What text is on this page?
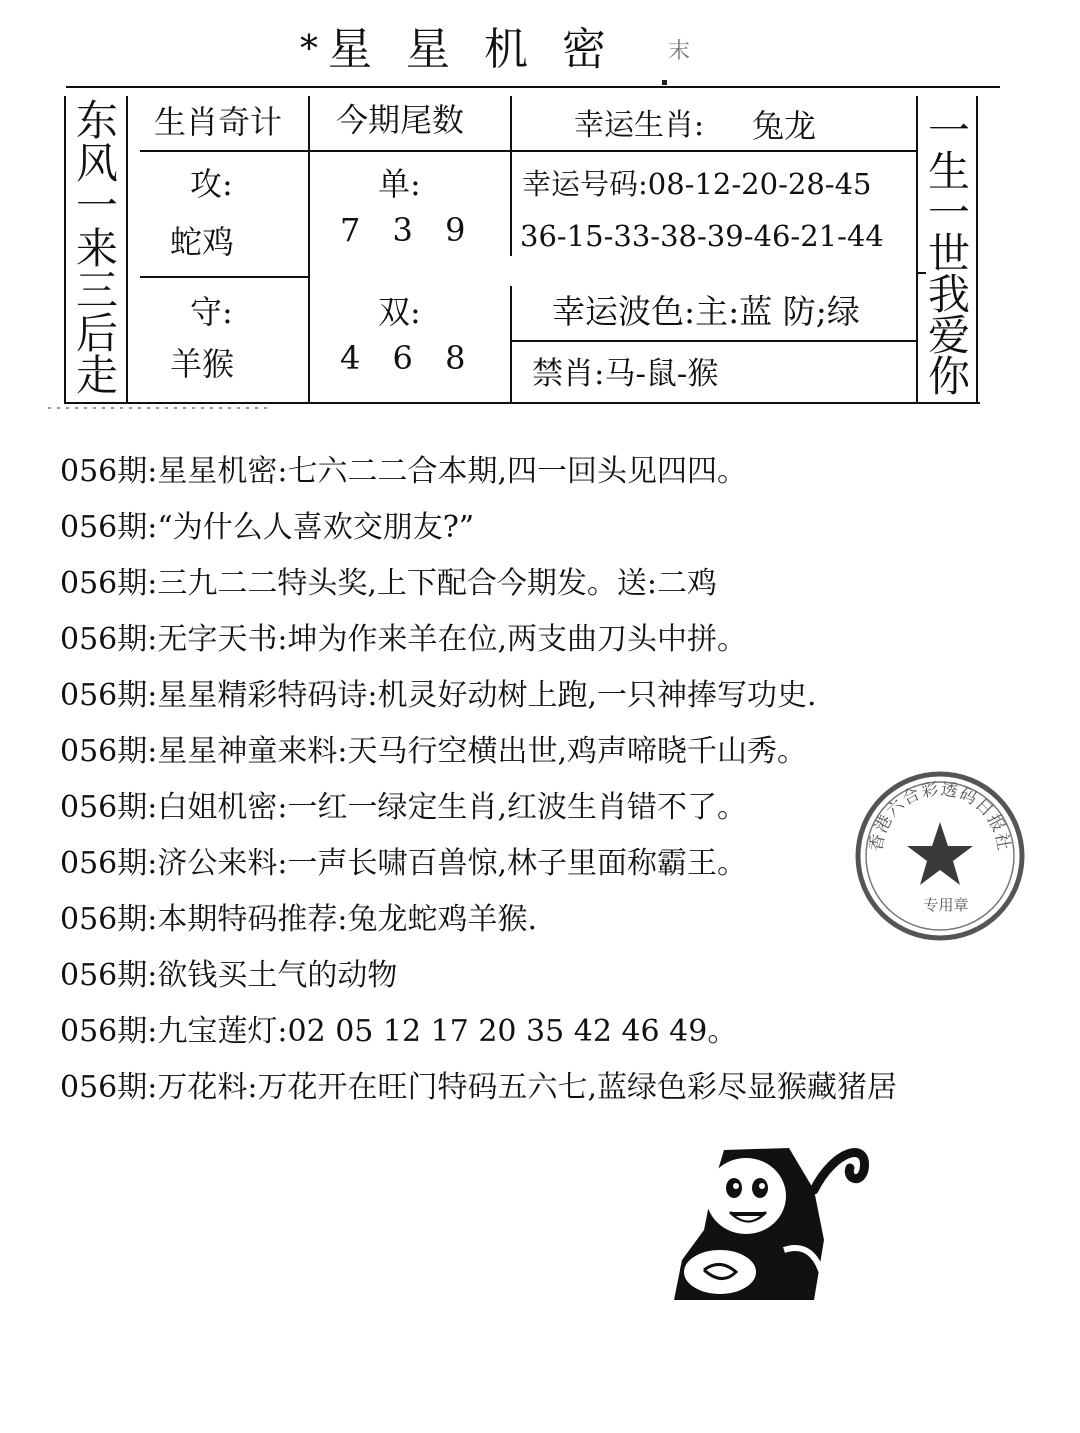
* 星星机密	末
东风一来三后走
一生一世我爱你
生肖奇计 今期尾数	幸运生肖: 兔龙
攻:
蛇鸡
单:
7 3 9
幸运号码:08-12-20-28-45
36-15-33-38-39-46-21-44
守:
羊猴
双:
4 6 8
幸运波色:主:蓝 防;绿
禁肖:马-鼠-猴
056期:星星机密:七六二二合本期,四一回头见四四。
056期:“为什么人喜欢交朋友?”
056期:三九二二特头奖,上下配合今期发。送:二鸡
056期:无字天书:坤为作来羊在位,两支曲刀头中拼。
056期:星星精彩特码诗:机灵好动树上跑,一只神捧写功史.
056期:星星神童来料:天马行空横出世,鸡声啼晓千山秀。
056期:白姐机密:一红一绿定生肖,红波生肖错不了。
056期:济公来料:一声长啸百兽惊,林子里面称霸王。
056期:本期特码推荐:兔龙蛇鸡羊猴.
056期:欲钱买土气的动物
056期:九宝莲灯:02 05 12 17 20 35 42 46 49。
056期:万花料:万花开在旺门特码五六七,蓝绿色彩尽显猴藏猪居
香港六合彩透码日报社
专用章
